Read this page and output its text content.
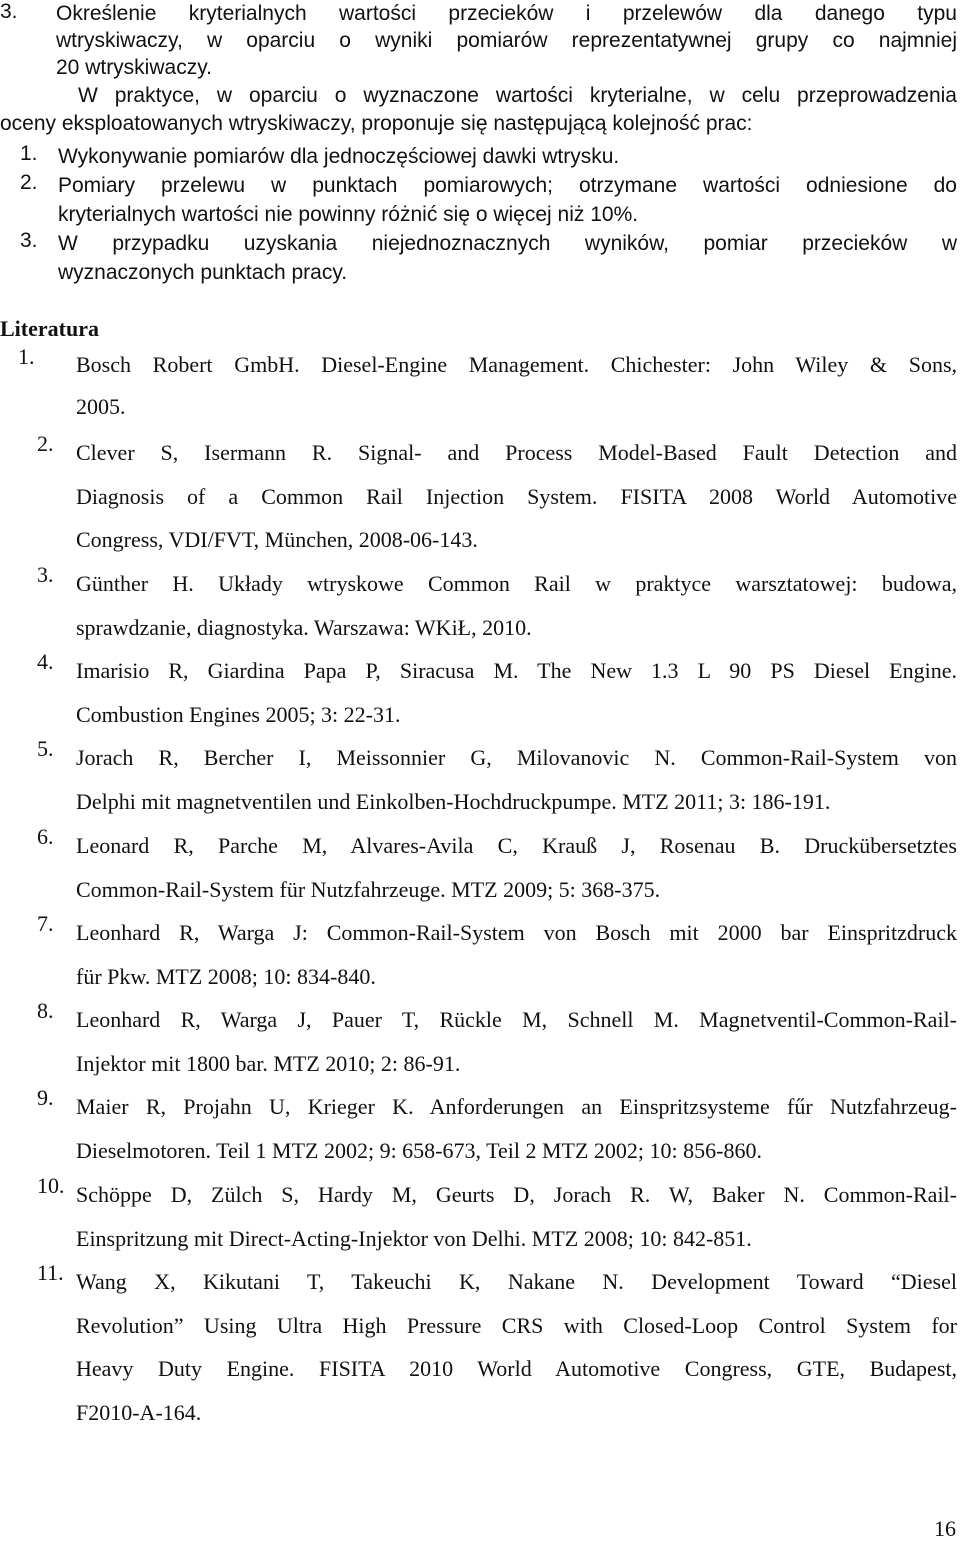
3. Określenie kryterialnych wartości przecieków i przelewów dla danego typu
wtryskiwaczy, w oparciu o wyniki pomiarów reprezentatywnej grupy co najmniej
20 wtryskiwaczy.
W praktyce, w oparciu o wyznaczone wartości kryterialne, w celu przeprowadzenia
oceny eksploatowanych wtryskiwaczy, proponuje się następującą kolejność prac:
1. Wykonywanie pomiarów dla jednoczęściowej dawki wtrysku.
2. Pomiary przelewu w punktach pomiarowych; otrzymane wartości odniesione do
kryterialnych wartości nie powinny różnić się o więcej niż 10%.
3. W przypadku uzyskania niejednoznacznych wyników, pomiar przecieków w
wyznaczonych punktach pracy.
Literatura
1. Bosch Robert GmbH. Diesel-Engine Management. Chichester: John Wiley & Sons,
2005.
2. Clever S, Isermann R. Signal- and Process Model-Based Fault Detection and
Diagnosis of a Common Rail Injection System. FISITA 2008 World Automotive
Congress, VDI/FVT, München, 2008-06-143.
3. Günther H. Układy wtryskowe Common Rail w praktyce warsztatowej: budowa,
sprawdzanie, diagnostyka. Warszawa: WKiŁ, 2010.
4. Imarisio R, Giardina Papa P, Siracusa M. The New 1.3 L 90 PS Diesel Engine.
Combustion Engines 2005; 3: 22-31.
5. Jorach R, Bercher I, Meissonnier G, Milovanovic N. Common-Rail-System von
Delphi mit magnetventilen und Einkolben-Hochdruckpumpe. MTZ 2011; 3: 186-191.
6. Leonard R, Parche M, Alvares-Avila C, Krauß J, Rosenau B. Druckübersetztes
Common-Rail-System für Nutzfahrzeuge. MTZ 2009; 5: 368-375.
7. Leonhard R, Warga J: Common-Rail-System von Bosch mit 2000 bar Einspritzdruck
für Pkw. MTZ 2008; 10: 834-840.
8. Leonhard R, Warga J, Pauer T, Rückle M, Schnell M. Magnetventil-Common-Rail-
Injektor mit 1800 bar. MTZ 2010; 2: 86-91.
9. Maier R, Projahn U, Krieger K. Anforderungen an Einspritzsysteme fűr Nutzfahrzeug-
Dieselmotoren. Teil 1 MTZ 2002; 9: 658-673, Teil 2 MTZ 2002; 10: 856-860.
10. Schöppe D, Zülch S, Hardy M, Geurts D, Jorach R. W, Baker N. Common-Rail-
Einspritzung mit Direct-Acting-Injektor von Delhi. MTZ 2008; 10: 842-851.
11. Wang X, Kikutani T, Takeuchi K, Nakane N. Development Toward “Diesel
Revolution” Using Ultra High Pressure CRS with Closed-Loop Control System for
Heavy Duty Engine. FISITA 2010 World Automotive Congress, GTE, Budapest,
F2010-A-164.
16
